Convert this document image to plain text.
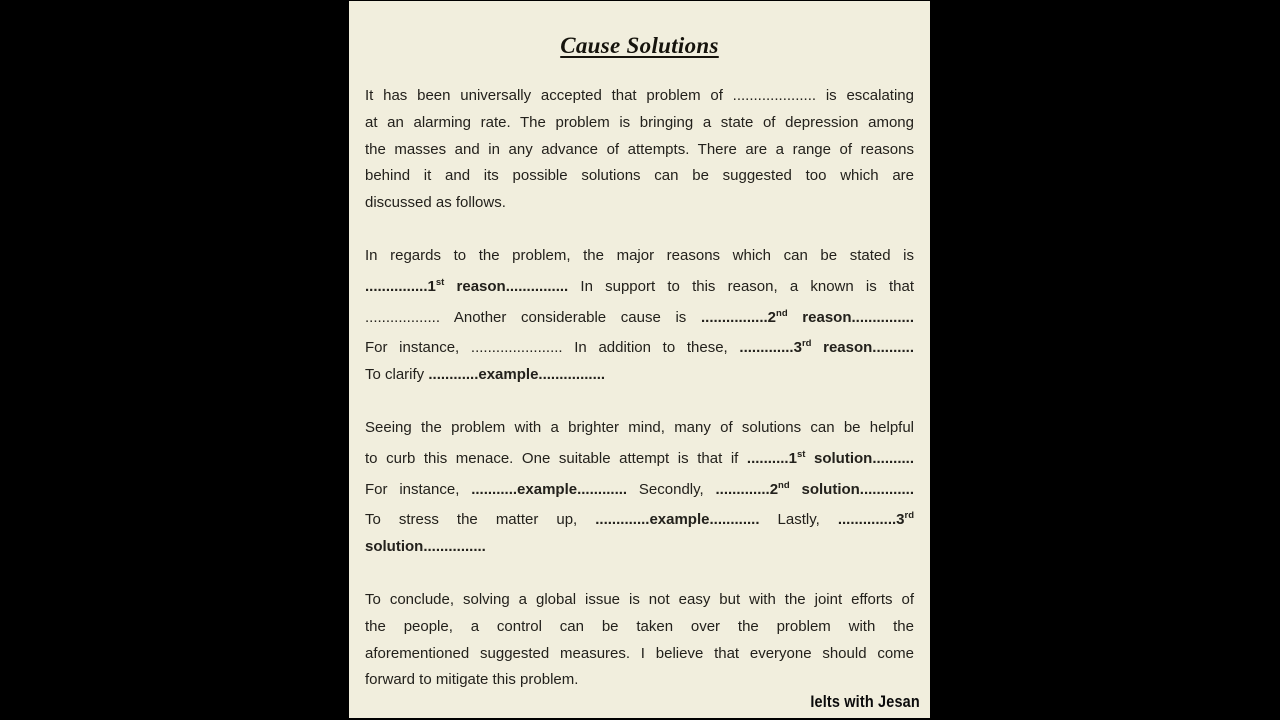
Cause Solutions
It has been universally accepted that problem of .................... is escalating
at an alarming rate. The problem is bringing a state of depression among
the masses and in any advance of attempts. There are a range of reasons
behind it and its possible solutions can be suggested too which are
discussed as follows.
In regards to the problem, the major reasons which can be stated is
...............1st reason............... In support to this reason, a known is that
.................. Another considerable cause is ................2nd reason...............
For instance, ...................... In addition to these, .............3rd reason..........
To clarify ............example................
Seeing the problem with a brighter mind, many of solutions can be helpful
to curb this menace. One suitable attempt is that if ..........1st solution..........
For instance, ...........example............ Secondly, .............2nd solution.............
To stress the matter up, .............example............ Lastly, ..............3rd
solution...............
To conclude, solving a global issue is not easy but with the joint efforts of
the people, a control can be taken over the problem with the
aforementioned suggested measures. I believe that everyone should come
forward to mitigate this problem.
Ielts with Jesan
